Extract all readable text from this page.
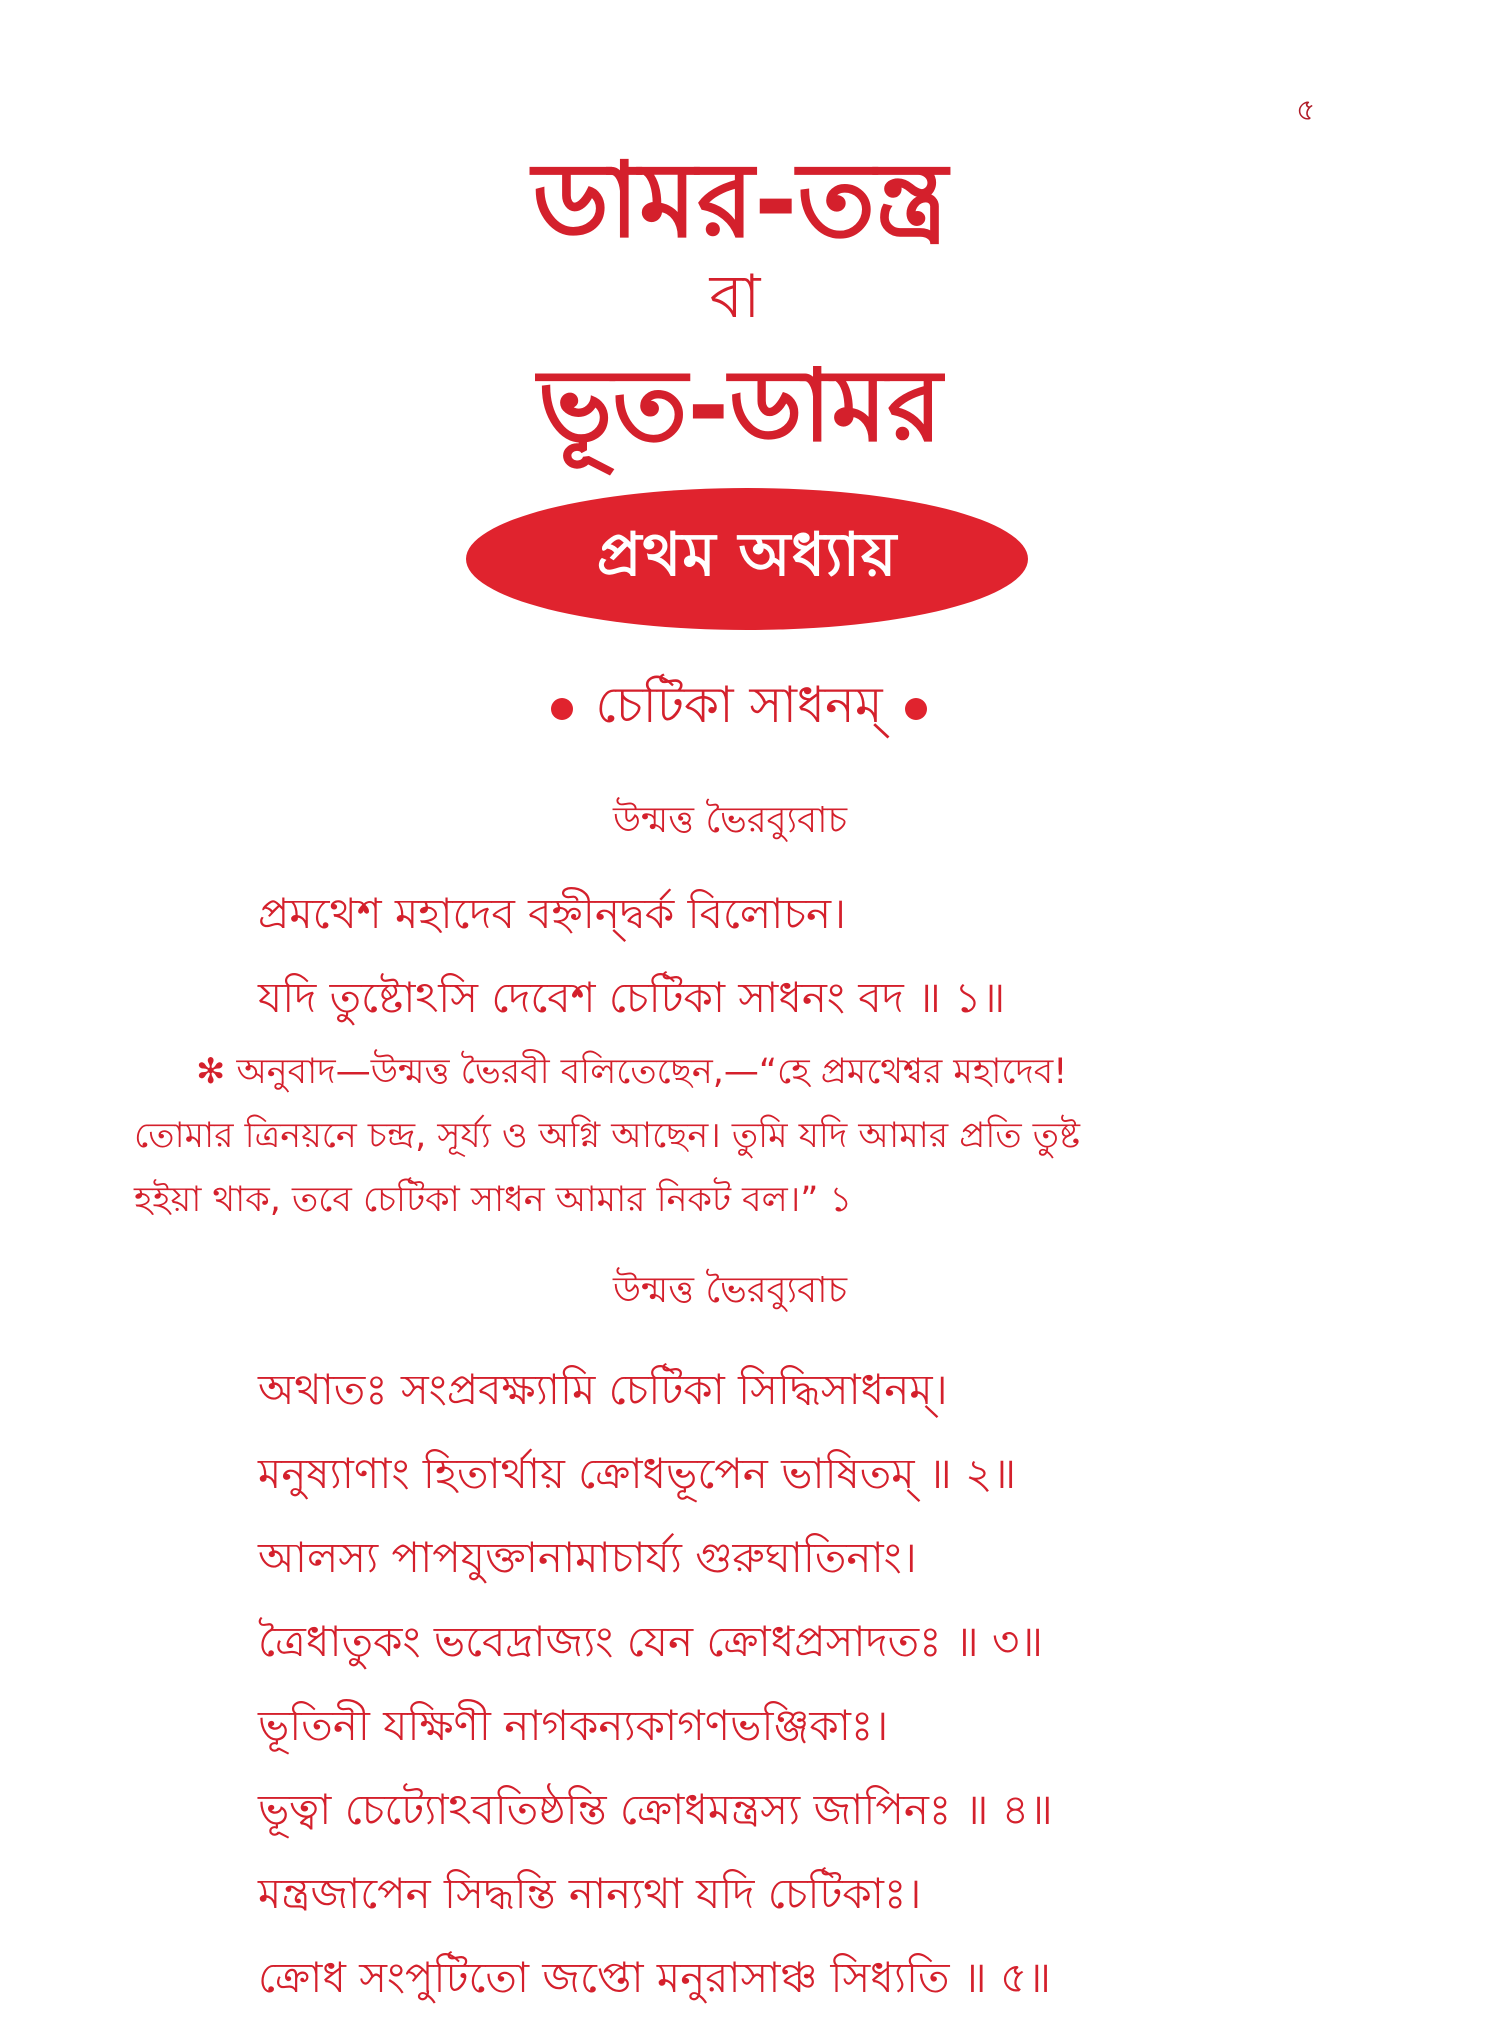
৫
ডামর-তন্ত্র
বা
ভূত-ডামর
প্রথম অধ্যায়
চেটিকা সাধনম্
উন্মত্ত ভৈরব্যুবাচ
প্রমথেশ মহাদেব বহ্নীন্দ্বর্ক বিলোচন।
যদি তুষ্টোঽসি দেবেশ চেটিকা সাধনং বদ ॥ ১॥
✻ অনুবাদ—উন্মত্ত ভৈরবী বলিতেছেন,—“হে প্রমথেশ্বর মহাদেব!
তোমার ত্রিনয়নে চন্দ্র, সূর্য্য ও অগ্নি আছেন। তুমি যদি আমার প্রতি তুষ্ট
হইয়া থাক, তবে চেটিকা সাধন আমার নিকট বল।” ১
উন্মত্ত ভৈরব্যুবাচ
অথাতঃ সংপ্রবক্ষ্যামি চেটিকা সিদ্ধিসাধনম্।
মনুষ্যাণাং হিতার্থায় ক্রোধভূপেন ভাষিতম্ ॥ ২॥
আলস্য পাপযুক্তানামাচার্য্য গুরুঘাতিনাং।
ত্রৈধাতুকং ভবেদ্রাজ্যং যেন ক্রোধপ্রসাদতঃ ॥ ৩॥
ভূতিনী যক্ষিণী নাগকন্যকাগণভঞ্জিকাঃ।
ভূত্বা চেট্যোঽবতিষ্ঠন্তি ক্রোধমন্ত্রস্য জাপিনঃ ॥ ৪॥
মন্ত্রজাপেন সিদ্ধন্তি নান্যথা যদি চেটিকাঃ।
ক্রোধ সংপুটিতো জপ্তো মনুরাসাঞ্চ সিধ্যতি ॥ ৫॥
